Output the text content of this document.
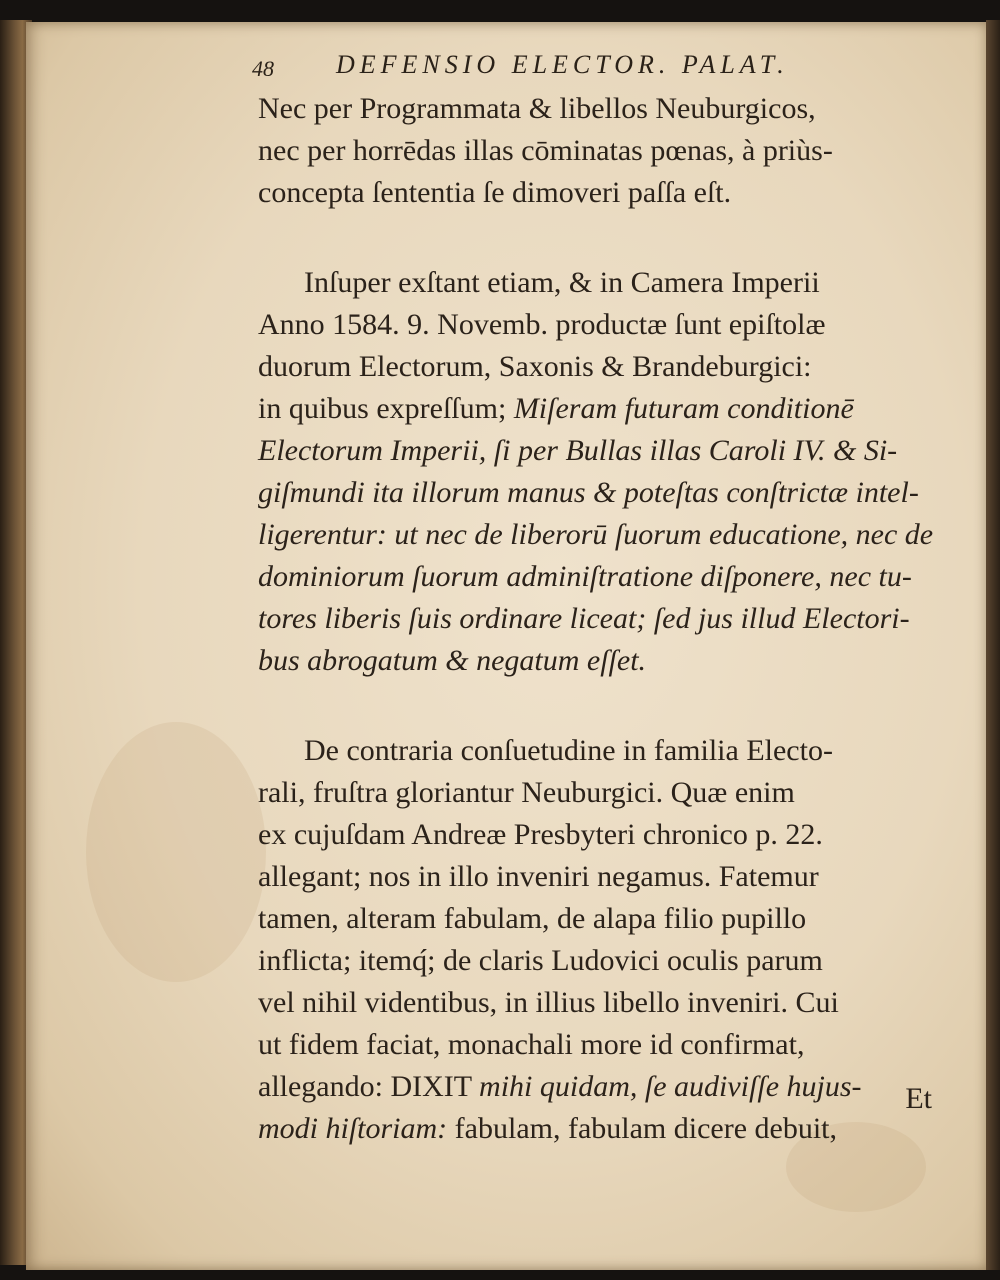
48 DEFENSIO ELECTOR. PALAT.
Nec per Programmata & libellos Neuburgicos,
nec per horrēdas illas cōminatas pœnas, à priùs-
concepta ſententia ſe dimoveri paſſa eſt.
Inſuper exſtant etiam, & in Camera Imperii
Anno 1584. 9. Novemb. productæ ſunt epiſtolæ
duorum Electorum, Saxonis & Brandeburgici:
in quibus expreſſum; Miſeram futuram conditionē
Electorum Imperii, ſi per Bullas illas Caroli IV. & Si-
giſmundi ita illorum manus & poteſtas conſtrictæ intel-
ligerentur: ut nec de liberorū ſuorum educatione, nec de
dominiorum ſuorum adminiſtratione diſponere, nec tu-
tores liberis ſuis ordinare liceat; ſed jus illud Electori-
bus abrogatum & negatum eſſet.
De contraria conſuetudine in familia Electo-
rali, fruſtra gloriantur Neuburgici. Quæ enim
ex cujuſdam Andreæ Presbyteri chronico p. 22.
allegant; nos in illo inveniri negamus. Fatemur
tamen, alteram fabulam, de alapa filio pupillo
inflicta; itemq́; de claris Ludovici oculis parum
vel nihil videntibus, in illius libello inveniri. Cui
ut fidem faciat, monachali more id confirmat,
allegando: DIXIT mihi quidam, ſe audiviſſe hujus-
modi hiſtoriam: fabulam, fabulam dicere debuit,
Et
